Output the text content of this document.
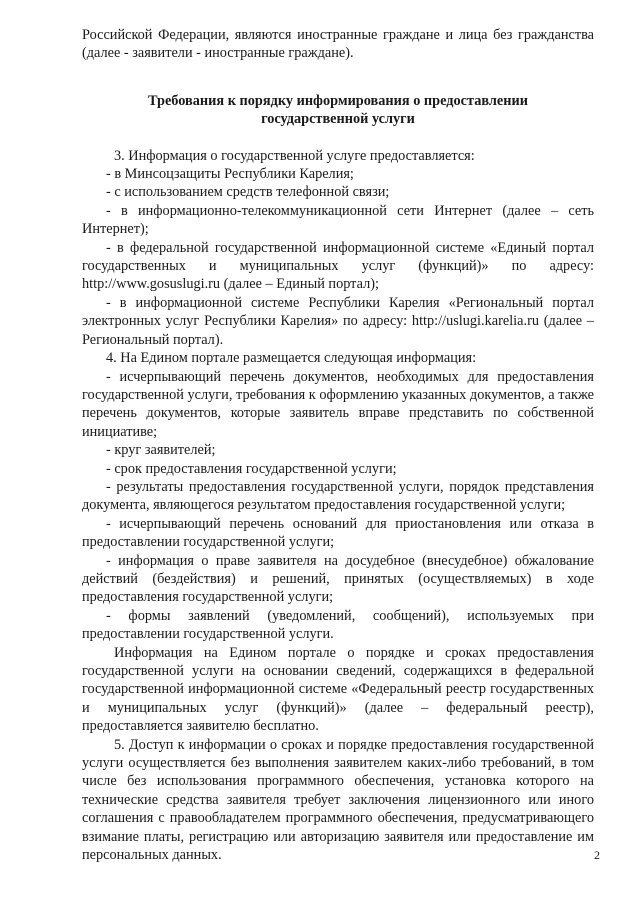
Российской Федерации, являются иностранные граждане и лица без гражданства (далее - заявители - иностранные граждане).

Требования к порядку информирования о предоставлении государственной услуги

3. Информация о государственной услуге предоставляется:

- в Минсоцзащиты Республики Карелия;

- с использованием средств телефонной связи;

- в информационно-телекоммуникационной сети Интернет (далее – сеть Интернет);

- в федеральной государственной информационной системе «Единый портал государственных и муниципальных услуг (функций)» по адресу: http://www.gosuslugi.ru (далее – Единый портал);

- в информационной системе Республики Карелия «Региональный портал электронных услуг Республики Карелия» по адресу: http://uslugi.karelia.ru (далее – Региональный портал).

4. На Едином портале размещается следующая информация:

- исчерпывающий перечень документов, необходимых для предоставления государственной услуги, требования к оформлению указанных документов, а также перечень документов, которые заявитель вправе представить по собственной инициативе;

- круг заявителей;

- срок предоставления государственной услуги;

- результаты предоставления государственной услуги, порядок представления документа, являющегося результатом предоставления государственной услуги;

- исчерпывающий перечень оснований для приостановления или отказа в предоставлении государственной услуги;

- информация о праве заявителя на досудебное (внесудебное) обжалование действий (бездействия) и решений, принятых (осуществляемых) в ходе предоставления государственной услуги;

- формы заявлений (уведомлений, сообщений), используемых при предоставлении государственной услуги.

Информация на Едином портале о порядке и сроках предоставления государственной услуги на основании сведений, содержащихся в федеральной государственной информационной системе «Федеральный реестр государственных и муниципальных услуг (функций)» (далее – федеральный реестр), предоставляется заявителю бесплатно.

5. Доступ к информации о сроках и порядке предоставления государственной услуги осуществляется без выполнения заявителем каких-либо требований, в том числе без использования программного обеспечения, установка которого на технические средства заявителя требует заключения лицензионного или иного соглашения с правообладателем программного обеспечения, предусматривающего взимание платы, регистрацию или авторизацию заявителя или предоставление им персональных данных.	2
